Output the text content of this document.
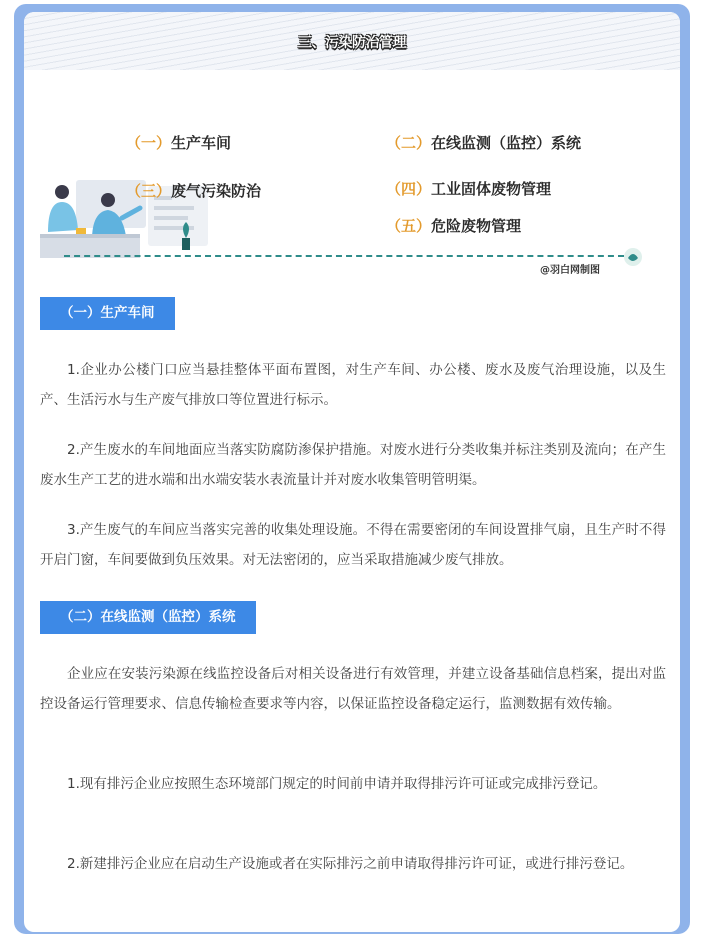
三、污染防治管理
（一）生产车间	（二）在线监测（监控）系统
（三）废气污染防治	（四）工业固体废物管理
（五）危险废物管理
@羽白网制图
（一）生产车间
1.企业办公楼门口应当悬挂整体平面布置图，对生产车间、办公楼、废水及废气治理设施，以及生产、生活污水与生产废气排放口等位置进行标示。
2.产生废水的车间地面应当落实防腐防渗保护措施。对废水进行分类收集并标注类别及流向；在产生废水生产工艺的进水端和出水端安装水表流量计并对废水收集管明管明渠。
3.产生废气的车间应当落实完善的收集处理设施。不得在需要密闭的车间设置排气扇，且生产时不得开启门窗，车间要做到负压效果。对无法密闭的，应当采取措施减少废气排放。
（二）在线监测（监控）系统
企业应在安装污染源在线监控设备后对相关设备进行有效管理，并建立设备基础信息档案，提出对监控设备运行管理要求、信息传输检查要求等内容，以保证监控设备稳定运行，监测数据有效传输。
1.现有排污企业应按照生态环境部门规定的时间前申请并取得排污许可证或完成排污登记。
2.新建排污企业应在启动生产设施或者在实际排污之前申请取得排污许可证，或进行排污登记。
